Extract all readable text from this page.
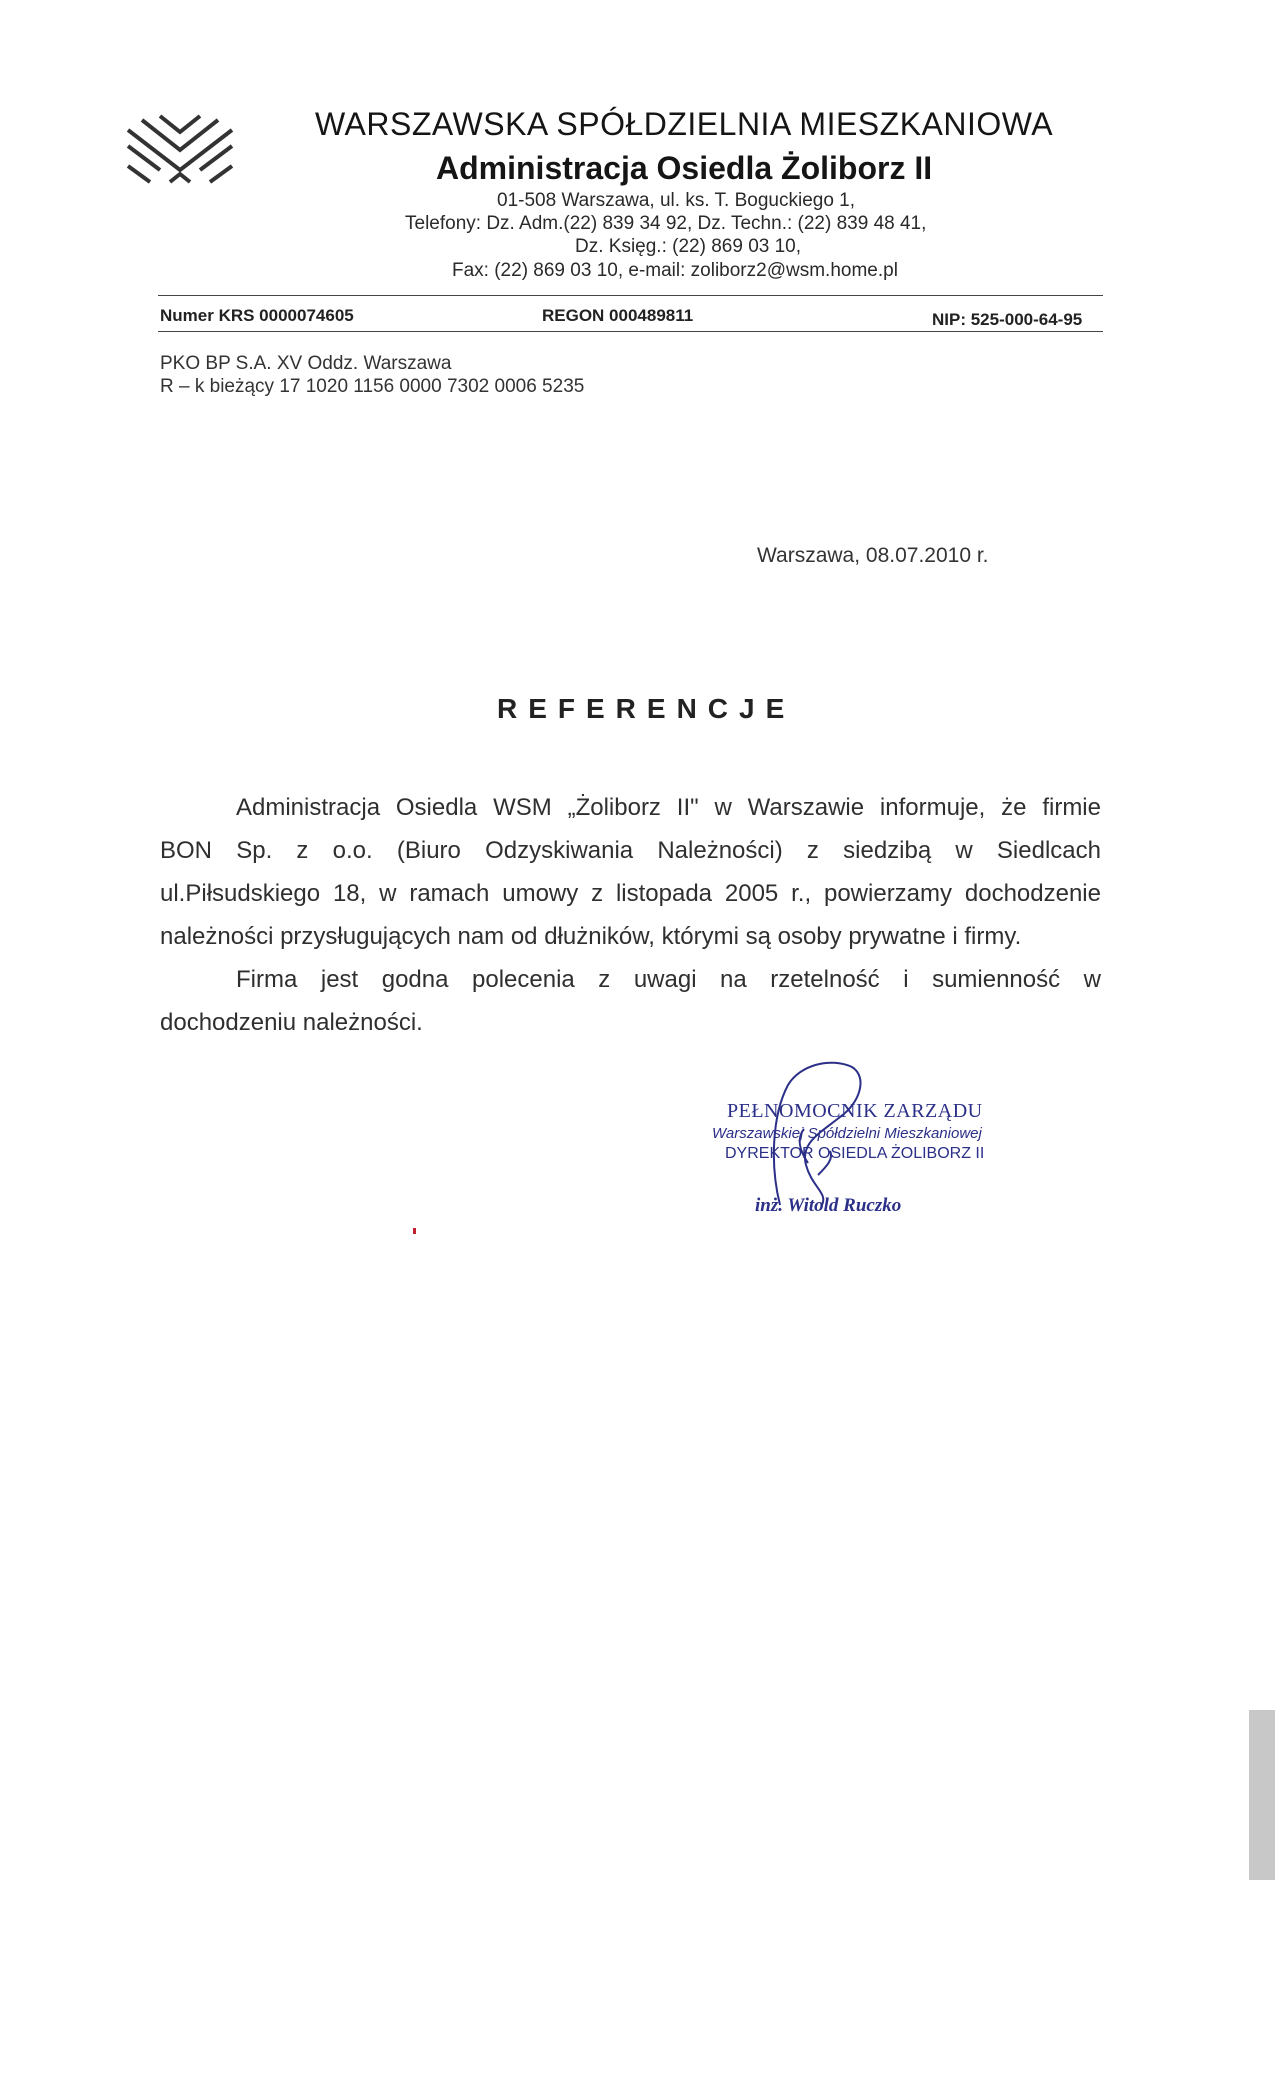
WARSZAWSKA SPÓŁDZIELNIA MIESZKANIOWA
Administracja Osiedla Żoliborz II
01-508 Warszawa, ul. ks. T. Boguckiego 1,
Telefony: Dz. Adm.(22) 839 34 92, Dz. Techn.: (22) 839 48 41,
Dz. Księg.: (22) 869 03 10,
Fax: (22) 869 03 10, e-mail: zoliborz2@wsm.home.pl
Numer KRS 0000074605	REGON 000489811	NIP: 525-000-64-95
PKO BP S.A. XV Oddz. Warszawa
R – k bieżący 17 1020 1156 0000 7302 0006 5235
Warszawa, 08.07.2010 r.
REFERENCJE
Administracja Osiedla WSM „Żoliborz II" w Warszawie informuje, że firmie
BON Sp. z o.o. (Biuro Odzyskiwania Należności) z siedzibą w Siedlcach
ul.Piłsudskiego 18, w ramach umowy z listopada 2005 r., powierzamy dochodzenie
należności przysługujących nam od dłużników, którymi są osoby prywatne i firmy.
Firma jest godna polecenia z uwagi na rzetelność i sumienność w
dochodzeniu należności.
PEŁNOMOCNIK ZARZĄDU
Warszawskiej Spółdzielni Mieszkaniowej
DYREKTOR OSIEDLA ŻOLIBORZ II
inż. Witold Ruczko
